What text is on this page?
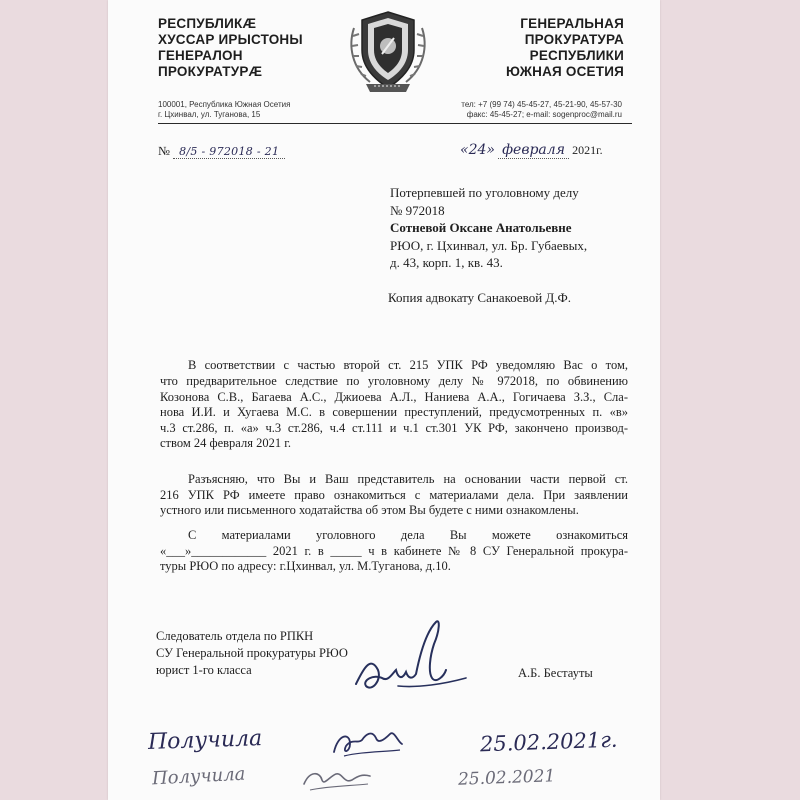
РЕСПУБЛИКÆ
ХУССАР ИРЫСТОНЫ
ГЕНЕРАЛОН
ПРОКУРАТУРÆ
100001, Республика Южная Осетия
г. Цхинвал, ул. Туганова, 15
ГЕНЕРАЛЬНАЯ
ПРОКУРАТУРА
РЕСПУБЛИКИ
ЮЖНАЯ ОСЕТИЯ
тел: +7 (99 74) 45-45-27, 45-21-90, 45-57-30
факс: 45-45-27; e-mail: sogenproc@mail.ru
№ 8/5 - 972018 - 21	«24» февраля 2021г.
Потерпевшей по уголовному делу
№ 972018
Сотневой Оксане Анатольевне
РЮО, г. Цхинвал, ул. Бр. Губаевых,
д. 43, корп. 1, кв. 43.
Копия адвокату Санакоевой Д.Ф.
В соответствии с частью второй ст. 215 УПК РФ уведомляю Вас о том,
что предварительное следствие по уголовному делу № 972018, по обвинению
Козонова С.В., Багаева А.С., Джиоева А.Л., Наниева А.А., Гогичаева З.З., Сла-
нова И.И. и Хугаева М.С. в совершении преступлений, предусмотренных п. «в»
ч.3 ст.286, п. «а» ч.3 ст.286, ч.4 ст.111 и ч.1 ст.301 УК РФ, закончено производ-
ством 24 февраля 2021 г.
Разъясняю, что Вы и Ваш представитель на основании части первой ст.
216 УПК РФ имеете право ознакомиться с материалами дела. При заявлении
устного или письменного ходатайства об этом Вы будете с ними ознакомлены.
С материалами уголовного дела Вы можете ознакомиться
«___»____________ 2021 г. в _____ ч в кабинете № 8 СУ Генеральной прокура-
туры РЮО по адресу: г.Цхинвал, ул. М.Туганова, д.10.
Следователь отдела по РПКН
СУ Генеральной прокуратуры РЮО
юрист 1-го класса	А.Б. Бестауты
Получила	25.02.2021г.
Получила	25.02.2021
